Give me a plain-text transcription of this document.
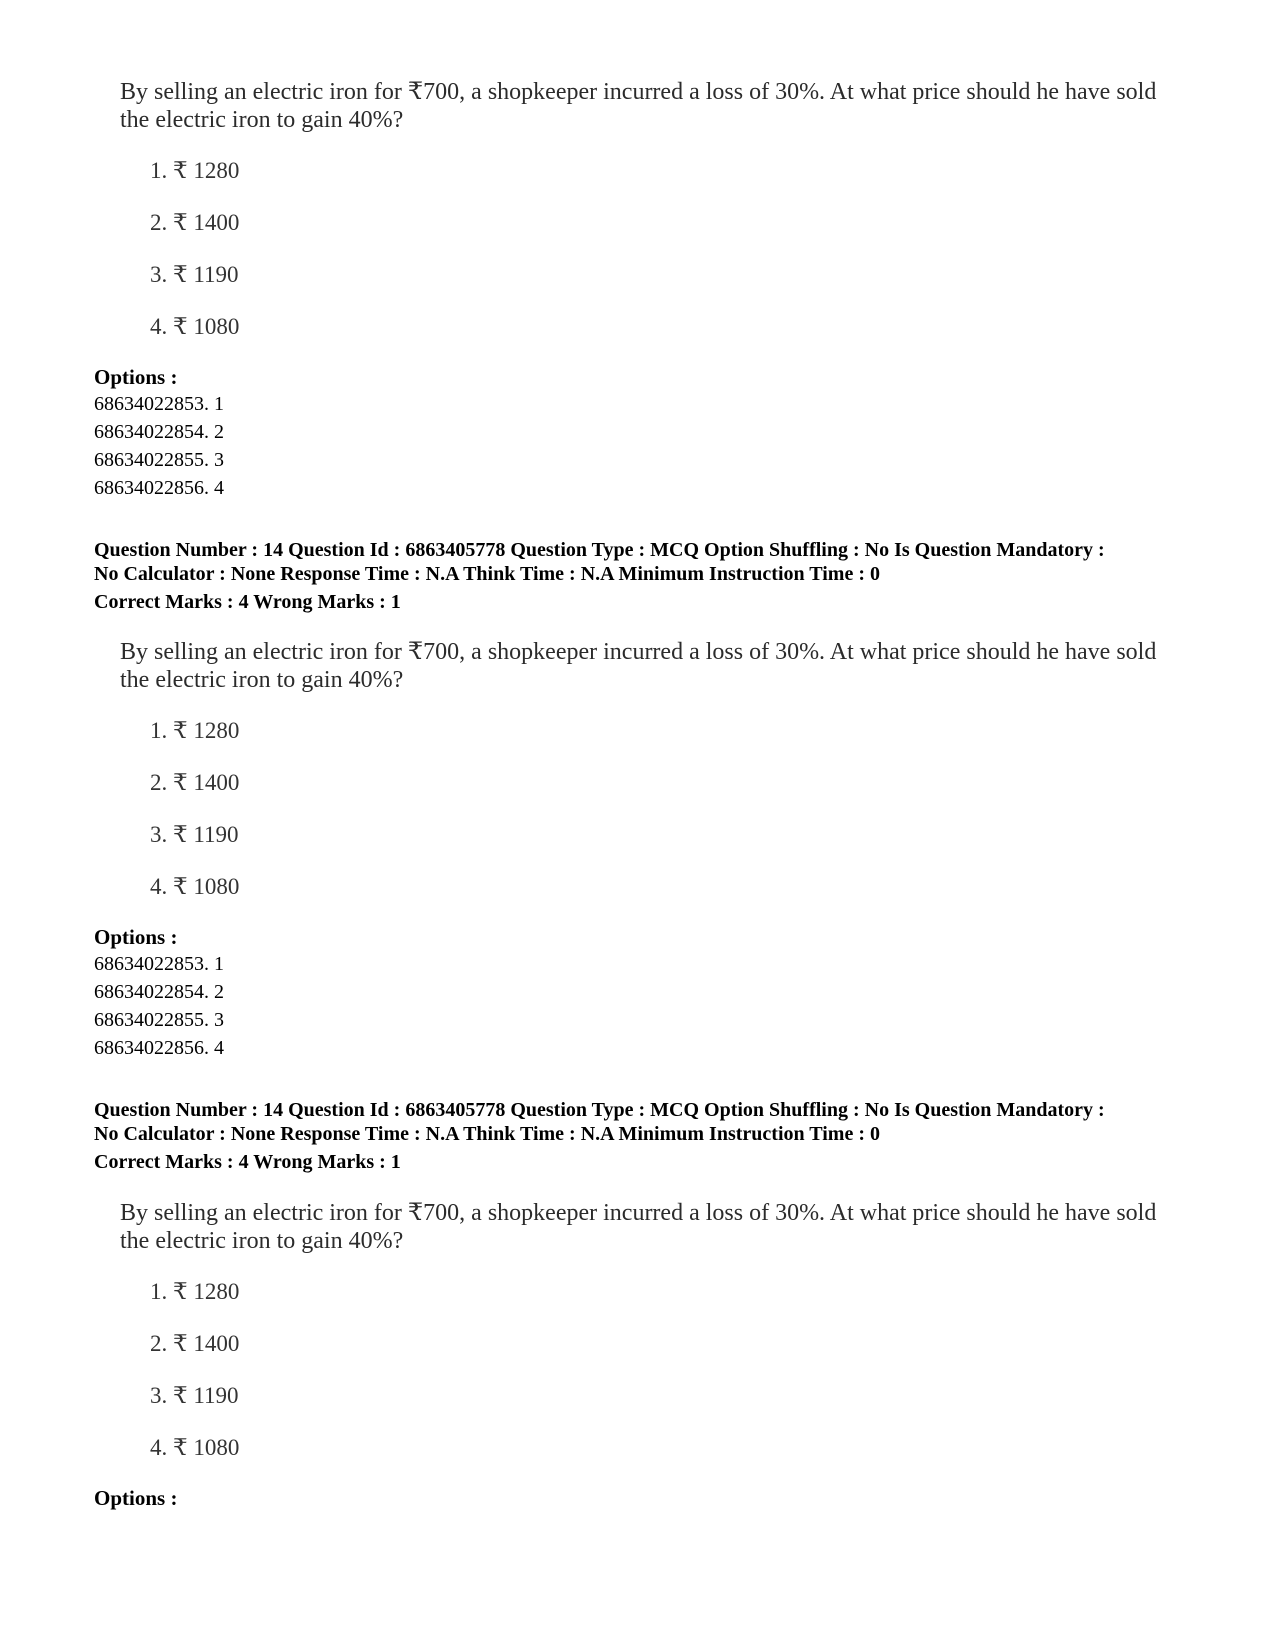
By selling an electric iron for ₹700, a shopkeeper incurred a loss of 30%. At what price should he have sold the electric iron to gain 40%?

1. ₹ 1280

2. ₹ 1400

3. ₹ 1190

4. ₹ 1080

Options :

68634022853. 1

68634022854. 2

68634022855. 3

68634022856. 4

Question Number : 14 Question Id : 6863405778 Question Type : MCQ Option Shuffling : No Is Question Mandatory :

No Calculator : None Response Time : N.A Think Time : N.A Minimum Instruction Time : 0

Correct Marks : 4 Wrong Marks : 1

By selling an electric iron for ₹700, a shopkeeper incurred a loss of 30%. At what price should he have sold the electric iron to gain 40%?

1. ₹ 1280

2. ₹ 1400

3. ₹ 1190

4. ₹ 1080

Options :

68634022853. 1

68634022854. 2

68634022855. 3

68634022856. 4

Question Number : 14 Question Id : 6863405778 Question Type : MCQ Option Shuffling : No Is Question Mandatory :

No Calculator : None Response Time : N.A Think Time : N.A Minimum Instruction Time : 0

Correct Marks : 4 Wrong Marks : 1

By selling an electric iron for ₹700, a shopkeeper incurred a loss of 30%. At what price should he have sold the electric iron to gain 40%?

1. ₹ 1280

2. ₹ 1400

3. ₹ 1190

4. ₹ 1080

Options :
